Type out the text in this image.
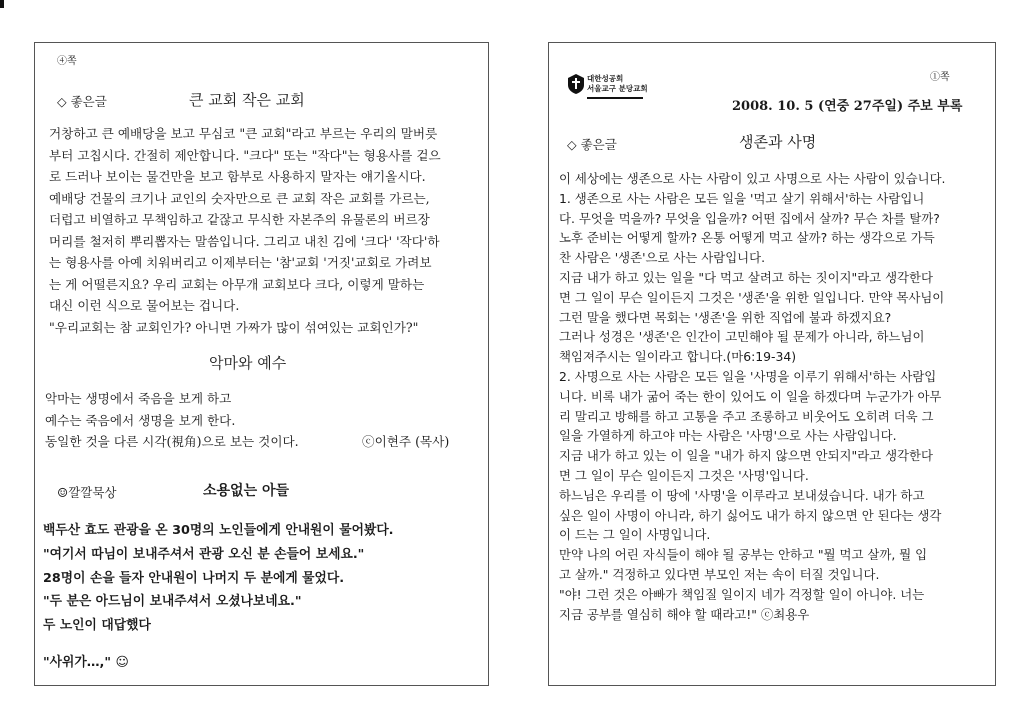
④쪽
◇ 좋은글	큰 교회 작은 교회
거창하고 큰 예배당을 보고 무심코 "큰 교회"라고 부르는 우리의 말버릇
부터 고칩시다. 간절히 제안합니다. "크다" 또는 "작다"는 형용사를 겉으
로 드러나 보이는 물건만을 보고 함부로 사용하지 말자는 얘기올시다.
예배당 건물의 크기나 교인의 숫자만으로 큰 교회 작은 교회를 가르는,
더럽고 비열하고 무책임하고 같잖고 무식한 자본주의 유물론의 버르장
머리를 철저히 뿌리뽑자는 말씀입니다. 그리고 내친 김에 '크다' '작다'하
는 형용사를 아예 치워버리고 이제부터는 '참'교회 '거짓'교회로 가려보
는 게 어떨른지요? 우리 교회는 아무개 교회보다 크다, 이렇게 말하는
대신 이런 식으로 물어보는 겁니다.
"우리교회는 참 교회인가? 아니면 가짜가 많이 섞여있는 교회인가?"
악마와 예수
악마는 생명에서 죽음을 보게 하고
예수는 죽음에서 생명을 보게 한다.
동일한 것을 다른 시각(視角)으로 보는 것이다.	ⓒ이현주 (목사)
☺깔깔묵상	소용없는 아들
백두산 효도 관광을 온 30명의 노인들에게 안내원이 물어봤다.
"여기서 따님이 보내주셔서 관광 오신 분 손들어 보세요."
28명이 손을 들자 안내원이 나머지 두 분에게 물었다.
"두 분은 아드님이 보내주셔서 오셨나보네요."
두 노인이 대답했다
"사위가…," ☺
대한성공회
서울교구 분당교회
①쪽
2008. 10. 5 (연중 27주일) 주보 부록
◇ 좋은글	생존과 사명
이 세상에는 생존으로 사는 사람이 있고 사명으로 사는 사람이 있습니다.
1. 생존으로 사는 사람은 모든 일을 '먹고 살기 위해서'하는 사람입니
다. 무엇을 먹을까? 무엇을 입을까? 어떤 집에서 살까? 무슨 차를 탈까?
노후 준비는 어떻게 할까? 온통 어떻게 먹고 살까? 하는 생각으로 가득
찬 사람은 '생존'으로 사는 사람입니다.
지금 내가 하고 있는 일을 "다 먹고 살려고 하는 짓이지"라고 생각한다
면 그 일이 무슨 일이든지 그것은 '생존'을 위한 일입니다. 만약 목사님이
그런 말을 했다면 목회는 '생존'을 위한 직업에 불과 하겠지요?
그러나 성경은 '생존'은 인간이 고민해야 될 문제가 아니라, 하느님이
책임져주시는 일이라고 합니다.(마6:19-34)
2. 사명으로 사는 사람은 모든 일을 '사명을 이루기 위해서'하는 사람입
니다. 비록 내가 굶어 죽는 한이 있어도 이 일을 하겠다며 누군가가 아무
리 말리고 방해를 하고 고통을 주고 조롱하고 비웃어도 오히려 더욱 그
일을 가열하게 하고야 마는 사람은 '사명'으로 사는 사람입니다.
지금 내가 하고 있는 이 일을 "내가 하지 않으면 안되지"라고 생각한다
면 그 일이 무슨 일이든지 그것은 '사명'입니다.
하느님은 우리를 이 땅에 '사명'을 이루라고 보내셨습니다. 내가 하고
싶은 일이 사명이 아니라, 하기 싫어도 내가 하지 않으면 안 된다는 생각
이 드는 그 일이 사명입니다.
만약 나의 어린 자식들이 해야 될 공부는 안하고 "뭘 먹고 살까, 뭘 입
고 살까." 걱정하고 있다면 부모인 저는 속이 터질 것입니다.
"야! 그런 것은 아빠가 책임질 일이지 네가 걱정할 일이 아니야. 너는
지금 공부를 열심히 해야 할 때라고!" ⓒ최용우
